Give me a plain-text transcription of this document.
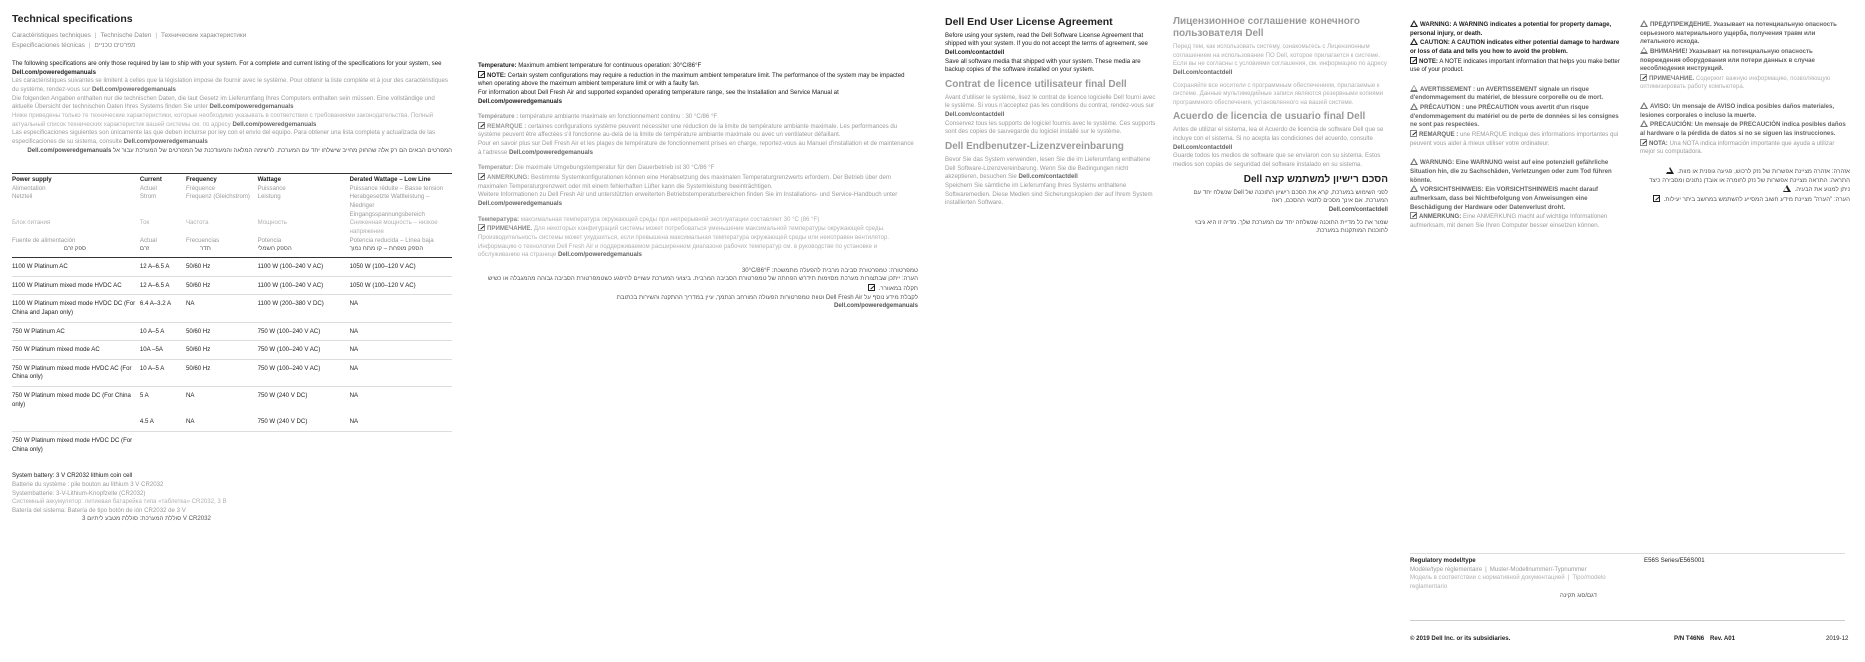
Technical specifications
Caractéristiques techniques | Technische Daten | Технические характеристики
Especificaciones técnicas | מפרטים טכניים

The following specifications are only those required by law to ship with your system. For a complete and current listing of the specifications for your system, see Dell.com/poweredgemanuals

Les caractéristiques suivantes se limitent à celles que la législation impose de fournir avec le système. Pour obtenir la liste complète et à jour des caractéristiques du système, rendez-vous sur Dell.com/poweredgemanuals

Die folgenden Angaben enthalten nur die technischen Daten, die laut Gesetz im Lieferumfang Ihres Computers enthalten sein müssen. Eine vollständige und aktuelle Übersicht der technischen Daten Ihres Systems finden Sie unter Dell.com/poweredgemanuals

Ниже приведены только те технические характеристики, которые необходимо указывать в соответствии с требованиями законодательства. Полный актуальный список технических характеристик вашей системы см. по адресу Dell.com/poweredgemanuals

Las especificaciones siguientes son únicamente las que deben incluirse por ley con el envío del equipo. Para obtener una lista completa y actualizada de las especificaciones de su sistema, consulte Dell.com/poweredgemanuals

המפרטים הבאים הם רק אלה שהחוק מחייב שישלחו יחד עם המערכת. לרשימה המלאה והמעודכנת של המפרטים של המערכת עבור אל Dell.com/poweredgemanuals

Power supply	Current	Frequency	Wattage	Derated Wattage – Low Line
Alimentation	Actuel	Fréquence	Puissance	Puissance réduite – Basse tension
Netzteil	Strom	Frequenz (Gleichstrom)	Leistung	Herabgesetzte Wattleistung – Niedriger Eingangsspannungsbereich
Блок питания	Ток	Частота	Мощность	Сниженная мощность – низкое напряжение
Fuente de alimentación	Actual	Frecuencias	Potencia	Potencia reducida – Línea baja
ספק זרם	זרם	תדר	הספק חשמלי	הספק מופחת – קו מתח נמוך
1100 W Platinum AC	12 A–6.5 A	50/60 Hz	1100 W (100–240 V AC)	1050 W (100–120 V AC)
1100 W Platinum mixed mode HVDC AC	12 A–6.5 A	50/60 Hz	1100 W (100–240 V AC)	1050 W (100–120 V AC)
1100 W Platinum mixed mode HVDC DC (For China and Japan only)	6.4 A–3.2 A	NA	1100 W (200–380 V DC)	NA
750 W Platinum AC	10 A–5 A	50/60 Hz	750 W (100–240 V AC)	NA
750 W Platinum mixed mode AC	10A –5A	50/60 Hz	750 W (100–240 V AC)	NA
750 W Platinum mixed mode HVDC AC (For China only)	10 A–5 A	50/60 Hz	750 W (100–240 V AC)	NA
750 W Platinum mixed mode DC (For China only)	5 A	NA	750 W (240 V DC)	NA
	4.5 A	NA	750 W (240 V DC)	NA
750 W Platinum mixed mode HVDC DC (For China only)				

System battery: 3 V CR2032 lithium coin cell

Batterie du système : pile bouton au lithium 3 V CR2032

Systembatterie: 3-V-Lithium-Knopfzelle (CR2032)

Системный аккумулятор: литиевая батарейка типа «таблетка» CR2032, 3 В

Batería del sistema: Batería de tipo botón de ión CR2032 de 3 V

סוללת המערכת: סוללת מטבע ליתיום 3 V CR2032

Temperature: Maximum ambient temperature for continuous operation: 30°C/86°F

NOTE: Certain system configurations may require a reduction in the maximum ambient temperature limit. The performance of the system may be impacted when operating above the maximum ambient temperature limit or with a faulty fan.

For information about Dell Fresh Air and supported expanded operating temperature range, see the Installation and Service Manual at Dell.com/poweredgemanuals

Température : température ambiante maximale en fonctionnement continu : 30 °C/86 °F

REMARQUE : certaines configurations système peuvent nécessiter une réduction de la limite de température ambiante maximale. Les performances du système peuvent être affectées s'il fonctionne au-delà de la limite de température ambiante maximale ou avec un ventilateur défaillant.

Pour en savoir plus sur Dell Fresh Air et les plages de température de fonctionnement prises en charge, reportez-vous au Manuel d'installation et de maintenance à l'adresse Dell.com/poweredgemanuals

Temperatur: Die maximale Umgebungstemperatur für den Dauerbetrieb ist 30 °C/86 °F

ANMERKUNG: Bestimmte Systemkonfigurationen können eine Herabsetzung des maximalen Temperaturgrenzwerts erfordern. Der Betrieb über dem maximalen Temperaturgrenzwert oder mit einem fehlerhaften Lüfter kann die Systemleistung beeinträchtigen.

Weitere Informationen zu Dell Fresh Air und unterstützten erweiterten Betriebstemperaturbereichen finden Sie im Installations- und Service-Handbuch unter Dell.com/poweredgemanuals

Температура: максимальная температура окружающей среды при непрерывной эксплуатации составляет 30 °C (86 °F)

ПРИМЕЧАНИЕ. Для некоторых конфигураций системы может потребоваться уменьшение максимальной температуры окружающей среды. Производительность системы может ухудшиться, если превышена максимальная температура окружающей среды или неисправен вентилятор.

Информацию о технологии Dell Fresh Air и поддерживаемом расширенном диапазоне рабочих температур см. в руководстве по установке и обслуживанию на странице Dell.com/poweredgemanuals

טמפרטורה: טמפרטורת סביבה מרבית להפעלה מתמשכת: 30°C/86°F

הערה: ייתכן שבתצורות מערכת מסוימות תידרש הפחתה של טמפרטורת הסביבה המרבית. ביצועי המערכת עשויים להיפגע כשטמפרטורת הסביבה גבוהה מהמגבלה או כשיש תקלה במאוורר.

לקבלת מידע נוסף על Dell Fresh Air וטווח טמפרטורות הפעולה המורחב הנתמך, עיין במדריך ההתקנה והשירות בכתובת

Dell.com/poweredgemanuals

Dell End User License Agreement

Before using your system, read the Dell Software License Agreement that shipped with your system. If you do not accept the terms of agreement, see Dell.com/contactdell

Save all software media that shipped with your system. These media are backup copies of the software installed on your system.

Contrat de licence utilisateur final Dell

Avant d'utiliser le système, lisez le contrat de licence logicielle Dell fourni avec le système. Si vous n'acceptez pas les conditions du contrat, rendez-vous sur Dell.com/contactdell

Conservez tous les supports de logiciel fournis avec le système. Ces supports sont des copies de sauvegarde du logiciel installé sur le système.

Dell Endbenutzer-Lizenzvereinbarung

Bevor Sie das System verwenden, lesen Sie die im Lieferumfang enthaltene Dell Software-Lizenzvereinbarung. Wenn Sie die Bedingungen nicht akzeptieren, besuchen Sie Dell.com/contactdell

Speichern Sie sämtliche im Lieferumfang Ihres Systems enthaltene Softwaremedien. Diese Medien sind Sicherungskopien der auf Ihrem System installierten Software.

Лицензионное соглашение конечного пользователя Dell

Перед тем, как использовать систему, ознакомьтесь с Лицензионным соглашением на использование ПО Dell, которое прилагается к системе. Если вы не согласны с условиями соглашения, см. информацию по адресу Dell.com/contactdell

Сохраняйте все носители с программным обеспечением, прилагаемые к системе. Данные мультимедийные записи являются резервными копиями программного обеспечения, установленного на вашей системе.

Acuerdo de licencia de usuario final Dell

Antes de utilizar el sistema, lea el Acuerdo de licencia de software Dell que se incluye con el sistema. Si no acepta las condiciones del acuerdo, consulte Dell.com/contactdell

Guarde todos los medios de software que se envíaron con su sistema. Estos medios son copias de seguridad del software instalado en su sistema.

הסכם רישיון למשתמש קצה Dell

לפני השימוש במערכת, קרא את הסכם רישיון התוכנה של Dell שנשלח יחד עם המערכת. אם אינך מסכים לתנאי ההסכם, ראה

Dell.com/contactdell

שמור את כל מדיית התוכנה שנשלחה יחד עם המערכת שלך. מדיה זו היא גיבוי לתוכנות המותקנות במערכת.

WARNING: A WARNING indicates a potential for property damage, personal injury, or death.

CAUTION: A CAUTION indicates either potential damage to hardware or loss of data and tells you how to avoid the problem.

NOTE: A NOTE indicates important information that helps you make better use of your product.

AVERTISSEMENT : un AVERTISSEMENT signale un risque d'endommagement du matériel, de blessure corporelle ou de mort.

PRÉCAUTION : une PRÉCAUTION vous avertit d'un risque d'endommagement du matériel ou de perte de données si les consignes ne sont pas respectées.

REMARQUE : une REMARQUE indique des informations importantes qui peuvent vous aider à mieux utiliser votre ordinateur.

WARNUNG: Eine WARNUNG weist auf eine potenziell gefährliche Situation hin, die zu Sachschäden, Verletzungen oder zum Tod führen könnte.

VORSICHTSHINWEIS: Ein VORSICHTSHINWEIS macht darauf aufmerksam, dass bei Nichtbefolgung von Anweisungen eine Beschädigung der Hardware oder Datenverlust droht.

ANMERKUNG: Eine ANMERKUNG macht auf wichtige Informationen aufmerksam, mit denen Sie Ihren Computer besser einsetzen können.

ПРЕДУПРЕЖДЕНИЕ. Указывает на потенциальную опасность серьезного материального ущерба, получения травм или летального исхода.

ВНИМАНИЕ! Указывает на потенциальную опасность повреждения оборудования или потери данных в случае несоблюдения инструкций.

ПРИМЕЧАНИЕ. Содержит важную информацию, позволяющую оптимизировать работу компьютера.

AVISO: Un mensaje de AVISO indica posibles daños materiales, lesiones corporales o incluso la muerte.

PRECAUCIÓN: Un mensaje de PRECAUCIÓN indica posibles daños al hardware o la pérdida de datos si no se siguen las instrucciones.

NOTA: Una NOTA indica información importante que ayuda a utilizar mejor su computadora.

אזהרה: אזהרה מציינת אפשרות של נזק לרכוש, פגיעה גופנית או מוות.

התראה: התראה מציינת אפשרות של נזק לחומרה או אובדן נתונים ומסבירה כיצד ניתן למנוע את הבעיה.

הערה: "הערה" מציינת מידע חשוב המסייע להשתמש במחשב ביתר יעילות.

Regulatory model/type

Modèle/type réglementaire | Muster-Modellnummer/-Typnummer

Модель в соответствии с нормативной документацией | Tipo/modelo reglamentario

דגם/סוג תקינה

E56S Series/E56S001

© 2019 Dell Inc. or its subsidiaries.	P/N T46N6 Rev. A01	2019-12
